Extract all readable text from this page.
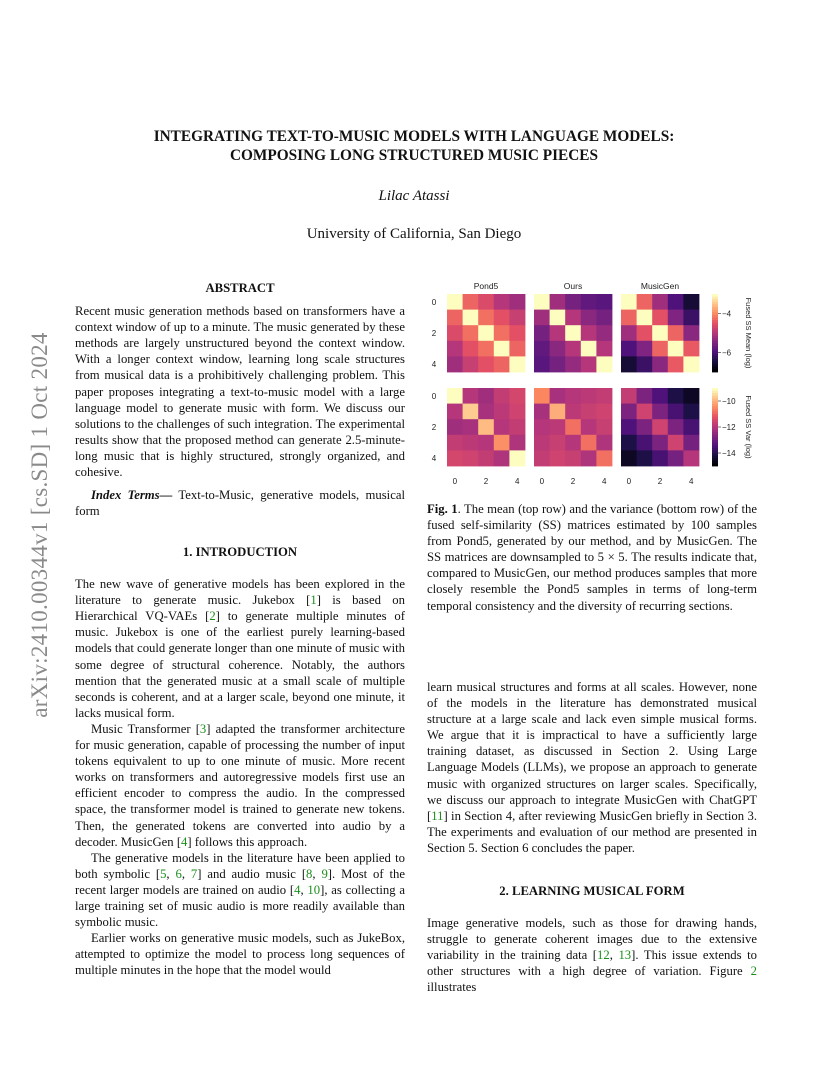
arXiv:2410.00344v1 [cs.SD] 1 Oct 2024
INTEGRATING TEXT-TO-MUSIC MODELS WITH LANGUAGE MODELS:
COMPOSING LONG STRUCTURED MUSIC PIECES
Lilac Atassi
University of California, San Diego
ABSTRACT

Recent music generation methods based on transformers have a context window of up to a minute. The music generated by these methods are largely unstructured beyond the context window. With a longer context window, learning long scale structures from musical data is a prohibitively challenging problem. This paper proposes integrating a text-to-music model with a large language model to generate music with form. We discuss our solutions to the challenges of such integration. The experimental results show that the proposed method can generate 2.5-minute-long music that is highly structured, strongly organized, and cohesive.

Index Terms— Text-to-Music, generative models, musical form

1. INTRODUCTION

The new wave of generative models has been explored in the literature to generate music. Jukebox [1] is based on Hierarchical VQ-VAEs [2] to generate multiple minutes of music. Jukebox is one of the earliest purely learning-based models that could generate longer than one minute of music with some degree of structural coherence. Notably, the authors mention that the generated music at a small scale of multiple seconds is coherent, and at a larger scale, beyond one minute, it lacks musical form.

Music Transformer [3] adapted the transformer architecture for music generation, capable of processing the number of input tokens equivalent to up to one minute of music. More recent works on transformers and autoregressive models first use an efficient encoder to compress the audio. In the compressed space, the transformer model is trained to generate new tokens. Then, the generated tokens are converted into audio by a decoder. MusicGen [4] follows this approach.

The generative models in the literature have been applied to both symbolic [5, 6, 7] and audio music [8, 9]. Most of the recent larger models are trained on audio [4, 10], as collecting a large training set of music audio is more readily available than symbolic music.

Earlier works on generative music models, such as JukeBox, attempted to optimize the model to process long sequences of multiple minutes in the hope that the model would

Pond5	Ours	MusicGen
0
2
4
−4
−6 Fused SS Mean (log)
0
2
4
−10
−12
−14 Fused SS Var (log)
0	2	4	0	2	4	0	2	4

Fig. 1. The mean (top row) and the variance (bottom row) of the fused self-similarity (SS) matrices estimated by 100 samples from Pond5, generated by our method, and by MusicGen. The SS matrices are downsampled to 5 × 5. The results indicate that, compared to MusicGen, our method produces samples that more closely resemble the Pond5 samples in terms of long-term temporal consistency and the diversity of recurring sections.

learn musical structures and forms at all scales. However, none of the models in the literature has demonstrated musical structure at a large scale and lack even simple musical forms. We argue that it is impractical to have a sufficiently large training dataset, as discussed in Section 2. Using Large Language Models (LLMs), we propose an approach to generate music with organized structures on larger scales. Specifically, we discuss our approach to integrate MusicGen with ChatGPT [11] in Section 4, after reviewing MusicGen briefly in Section 3. The experiments and evaluation of our method are presented in Section 5. Section 6 concludes the paper.

2. LEARNING MUSICAL FORM

Image generative models, such as those for drawing hands, struggle to generate coherent images due to the extensive variability in the training data [12, 13]. This issue extends to other structures with a high degree of variation. Figure 2 illustrates
